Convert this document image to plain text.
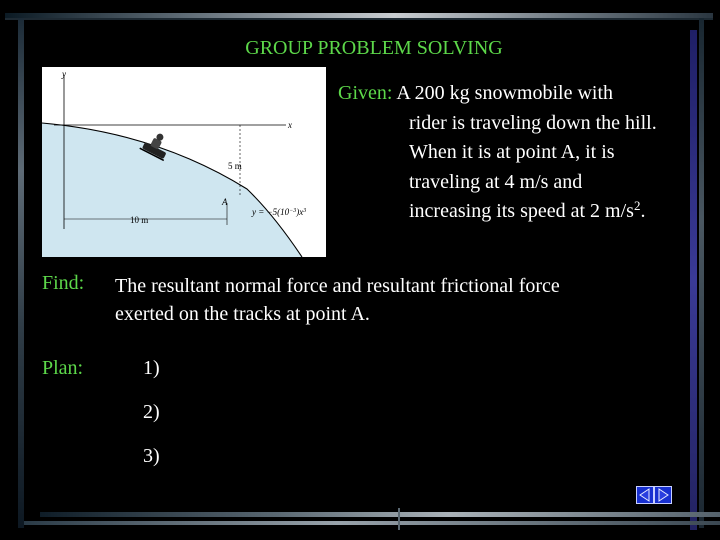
GROUP PROBLEM SOLVING
y
x
5 m
10 m
A
$y = -5(10^{-3})x^3$
Given: A 200 kg snowmobile with
rider is traveling down the hill.
When it is at point A, it is
traveling at 4 m/s and
increasing its speed at 2 $m/s^2$.
Find: The resultant normal force and resultant frictional force
exerted on the tracks at point A.
Plan:	1)
2)
3)
